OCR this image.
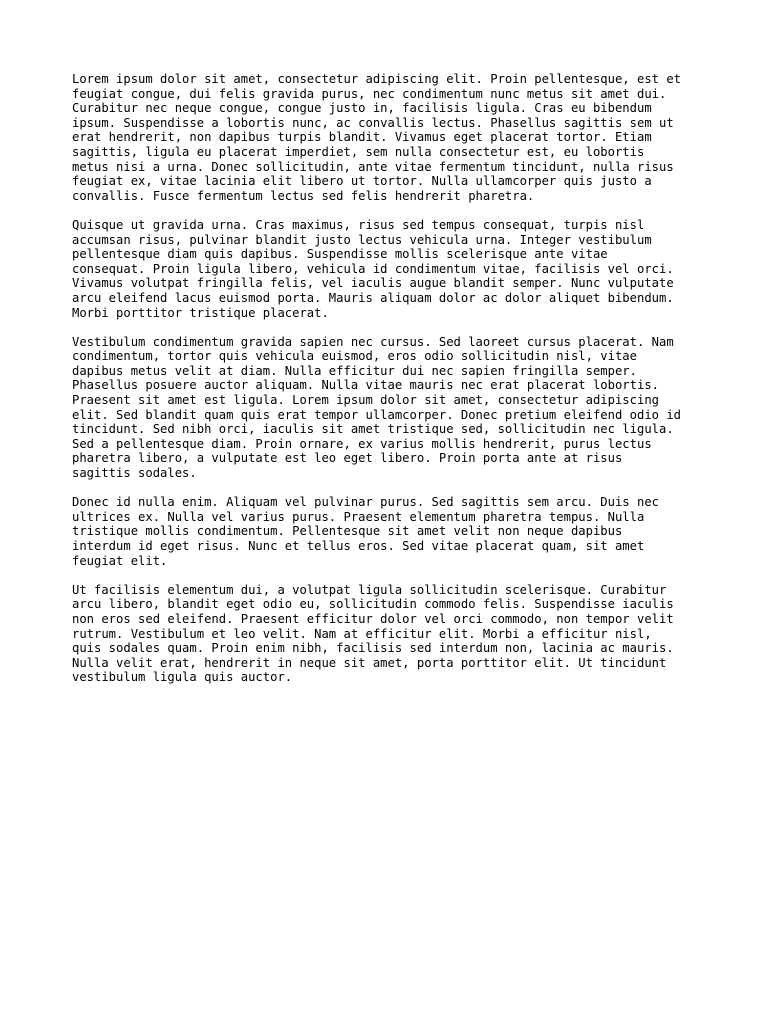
Lorem ipsum dolor sit amet, consectetur adipiscing elit. Proin pellentesque, est et
feugiat congue, dui felis gravida purus, nec condimentum nunc metus sit amet dui.
Curabitur nec neque congue, congue justo in, facilisis ligula. Cras eu bibendum
ipsum. Suspendisse a lobortis nunc, ac convallis lectus. Phasellus sagittis sem ut
erat hendrerit, non dapibus turpis blandit. Vivamus eget placerat tortor. Etiam
sagittis, ligula eu placerat imperdiet, sem nulla consectetur est, eu lobortis
metus nisi a urna. Donec sollicitudin, ante vitae fermentum tincidunt, nulla risus
feugiat ex, vitae lacinia elit libero ut tortor. Nulla ullamcorper quis justo a
convallis. Fusce fermentum lectus sed felis hendrerit pharetra.

Quisque ut gravida urna. Cras maximus, risus sed tempus consequat, turpis nisl
accumsan risus, pulvinar blandit justo lectus vehicula urna. Integer vestibulum
pellentesque diam quis dapibus. Suspendisse mollis scelerisque ante vitae
consequat. Proin ligula libero, vehicula id condimentum vitae, facilisis vel orci.
Vivamus volutpat fringilla felis, vel iaculis augue blandit semper. Nunc vulputate
arcu eleifend lacus euismod porta. Mauris aliquam dolor ac dolor aliquet bibendum.
Morbi porttitor tristique placerat.

Vestibulum condimentum gravida sapien nec cursus. Sed laoreet cursus placerat. Nam
condimentum, tortor quis vehicula euismod, eros odio sollicitudin nisl, vitae
dapibus metus velit at diam. Nulla efficitur dui nec sapien fringilla semper.
Phasellus posuere auctor aliquam. Nulla vitae mauris nec erat placerat lobortis.
Praesent sit amet est ligula. Lorem ipsum dolor sit amet, consectetur adipiscing
elit. Sed blandit quam quis erat tempor ullamcorper. Donec pretium eleifend odio id
tincidunt. Sed nibh orci, iaculis sit amet tristique sed, sollicitudin nec ligula.
Sed a pellentesque diam. Proin ornare, ex varius mollis hendrerit, purus lectus
pharetra libero, a vulputate est leo eget libero. Proin porta ante at risus
sagittis sodales.

Donec id nulla enim. Aliquam vel pulvinar purus. Sed sagittis sem arcu. Duis nec
ultrices ex. Nulla vel varius purus. Praesent elementum pharetra tempus. Nulla
tristique mollis condimentum. Pellentesque sit amet velit non neque dapibus
interdum id eget risus. Nunc et tellus eros. Sed vitae placerat quam, sit amet
feugiat elit.

Ut facilisis elementum dui, a volutpat ligula sollicitudin scelerisque. Curabitur
arcu libero, blandit eget odio eu, sollicitudin commodo felis. Suspendisse iaculis
non eros sed eleifend. Praesent efficitur dolor vel orci commodo, non tempor velit
rutrum. Vestibulum et leo velit. Nam at efficitur elit. Morbi a efficitur nisl,
quis sodales quam. Proin enim nibh, facilisis sed interdum non, lacinia ac mauris.
Nulla velit erat, hendrerit in neque sit amet, porta porttitor elit. Ut tincidunt
vestibulum ligula quis auctor.
